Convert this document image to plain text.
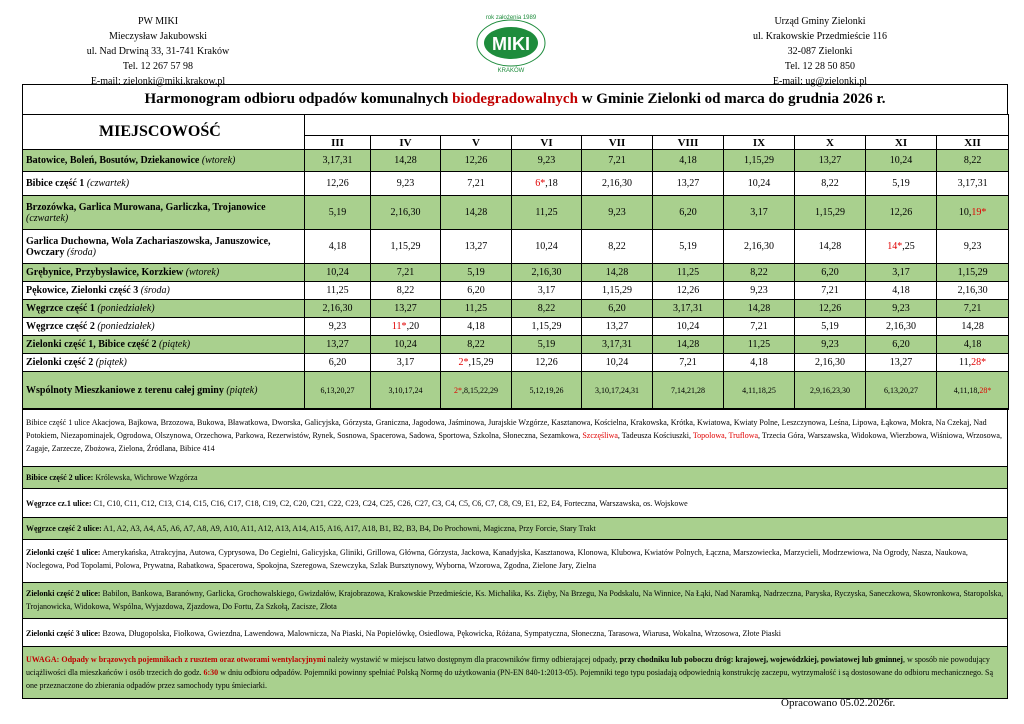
PW MIKI
Mieczysław Jakubowski
ul. Nad Drwiną 33, 31-741 Kraków
Tel. 12 267 57 98
E-mail: zielonki@miki.krakow.pl
rok założenia 1989
MIKI
KRAKÓW
Urząd Gminy Zielonki
ul. Krakowskie Przedmieście 116
32-087 Zielonki
Tel. 12 28 50 850
E-mail: ug@zielonki.pl
Harmonogram odbioru odpadów komunalnych
biodegradowalnych
w Gminie Zielonki od marca do grudnia 2026 r.
MIEJSCOWOŚĆ										
	III	IV	V	VI	VII	VIII	IX	X	XI	XII
Batowice, Boleń, Bosutów, Dziekanowice (wtorek)	3,17,31	14,28	12,26	9,23	7,21	4,18	1,15,29	13,27	10,24	8,22
Bibice część 1 (czwartek)	12,26	9,23	7,21	6*,18	2,16,30	13,27	10,24	8,22	5,19	3,17,31
Brzozówka, Garlica Murowana, Garliczka, Trojanowice (czwartek)	5,19	2,16,30	14,28	11,25	9,23	6,20	3,17	1,15,29	12,26	10,19*
Garlica Duchowna, Wola Zachariaszowska, Januszowice, Owczary (środa)	4,18	1,15,29	13,27	10,24	8,22	5,19	2,16,30	14,28	14*,25	9,23
Grębynice, Przybysławice, Korzkiew (wtorek)	10,24	7,21	5,19	2,16,30	14,28	11,25	8,22	6,20	3,17	1,15,29
Pękowice, Zielonki część 3 (środa)	11,25	8,22	6,20	3,17	1,15,29	12,26	9,23	7,21	4,18	2,16,30
Węgrzce część 1 (poniedziałek)	2,16,30	13,27	11,25	8,22	6,20	3,17,31	14,28	12,26	9,23	7,21
Węgrzce część 2 (poniedziałek)	9,23	11*,20	4,18	1,15,29	13,27	10,24	7,21	5,19	2,16,30	14,28
Zielonki część 1, Bibice część 2 (piątek)	13,27	10,24	8,22	5,19	3,17,31	14,28	11,25	9,23	6,20	4,18
Zielonki część 2 (piątek)	6,20	3,17	2*,15,29	12,26	10,24	7,21	4,18	2,16,30	13,27	11,28*
Wspólnoty Mieszkaniowe z terenu całej gminy (piątek)	6,13,20,27	3,10,17,24	2*,8,15,22,29	5,12,19,26	3,10,17,24,31	7,14,21,28	4,11,18,25	2,9,16,23,30	6,13,20,27	4,11,18,28*
Bibice część 1 ulice Akacjowa, Bajkowa, Brzozowa, Bukowa, Bławatkowa, Dworska, Galicyjska, Górzysta, Graniczna, Jagodowa, Jaśminowa, Jurajskie Wzgórze, Kasztanowa, Kościelna, Krakowska, Krótka, Kwiatowa, Kwiaty Polne, Leszczynowa, Leśna, Lipowa, Łąkowa, Mokra, Na Czekaj, Nad Potokiem, Niezapominajek, Ogrodowa, Olszynowa, Orzechowa, Parkowa, Rezerwistów, Rynek, Sosnowa, Spacerowa, Sadowa, Sportowa, Szkolna, Słoneczna, Sezamkowa, Szczęśliwa, Tadeusza Kościuszki, Topolowa, Truflowa, Trzecia Góra, Warszawska, Widokowa, Wierzbowa, Wiśniowa, Wrzosowa, Zagaje, Zarzecze, Zbożowa, Zielona, Źródlana, Bibice 414
Bibice część 2 ulice: Królewska, Wichrowe Wzgórza
Węgrzce cz.1 ulice: C1, C10, C11, C12, C13, C14, C15, C16, C17, C18, C19, C2, C20, C21, C22, C23, C24, C25, C26, C27, C3, C4, C5, C6, C7, C8, C9, E1, E2, E4, Forteczna, Warszawska, os. Wojskowe
Węgrzce część 2 ulice: A1, A2, A3, A4, A5, A6, A7, A8, A9, A10, A11, A12, A13, A14, A15, A16, A17, A18, B1, B2, B3, B4, Do Prochowni, Magiczna, Przy Forcie, Stary Trakt
Zielonki część 1 ulice: Amerykańska, Atrakcyjna, Autowa, Cyprysowa, Do Cegielni, Galicyjska, Gliniki, Grillowa, Główna, Górzysta, Jackowa, Kanadyjska, Kasztanowa, Klonowa, Klubowa, Kwiatów Polnych, Łączna, Marszowiecka, Marzycieli, Modrzewiowa, Na Ogrody, Nasza, Naukowa, Noclegowa, Pod Topolami, Polowa, Prywatna, Rabatkowa, Spacerowa, Spokojna, Szeregowa, Szewczyka, Szlak Bursztynowy, Wyborna, Wzorowa, Zgodna, Zielone Jary, Zielna
Zielonki część 2 ulice: Babilon, Bankowa, Baranówny, Garlicka, Grochowalskiego, Gwizdałów, Krajobrazowa, Krakowskie Przedmieście, Ks. Michalika, Ks. Zięby, Na Brzegu, Na Podskalu, Na Winnice, Na Łąki, Nad Naramką, Nadrzeczna, Paryska, Ryczyska, Saneczkowa, Skowronkowa, Staropolska, Trojanowicka, Widokowa, Wspólna, Wyjazdowa, Zjazdowa, Do Fortu, Za Szkołą, Zacisze, Złota
Zielonki część 3 ulice: Bzowa, Długopolska, Fiołkowa, Gwiezdna, Lawendowa, Malownicza, Na Piaski, Na Popielówkę, Osiedlowa, Pękowicka, Różana, Sympatyczna, Słoneczna, Tarasowa, Wiarusa, Wokalna, Wrzosowa, Złote Piaski
UWAGA: Odpady w brązowych pojemnikach z rusztem oraz otworami wentylacyjnymi należy wystawić w miejscu łatwo dostępnym dla pracowników firmy odbierającej odpady, przy chodniku lub poboczu dróg: krajowej, wojewódzkiej, powiatowej lub gminnej, w sposób nie powodujący uciążliwości dla mieszkańców i osób trzecich do godz. 6:30 w dniu odbioru odpadów. Pojemniki powinny spełniać Polską Normę do użytkowania (PN-EN 840-1:2013-05). Pojemniki tego typu posiadają odpowiednią konstrukcję zaczepu, wytrzymałość i są dostosowane do odbioru mechanicznego. Są one przeznaczone do zbierania odpadów przez samochody typu śmieciarki.
Opracowano 05.02.2026r.
